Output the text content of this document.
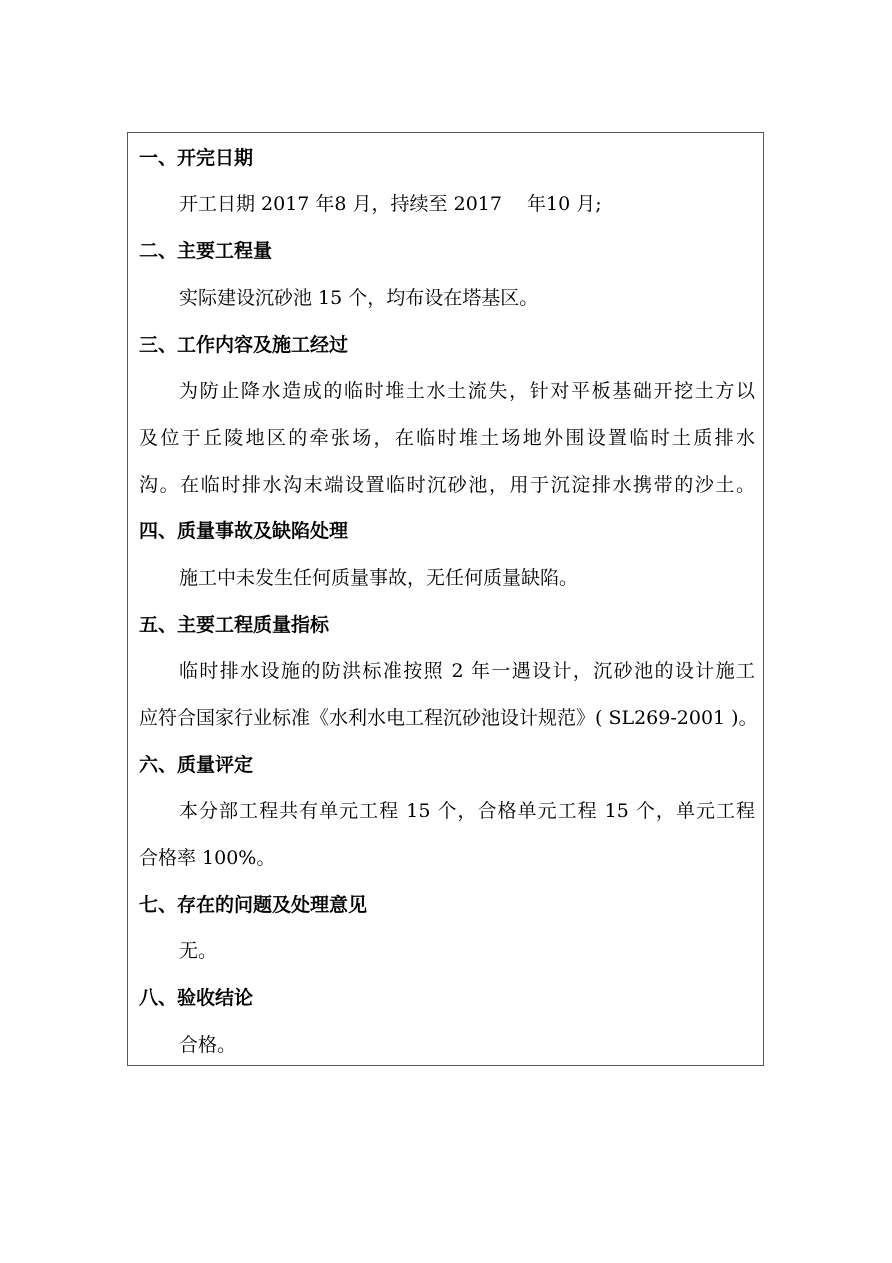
一、开完日期
开工日期 2017 年8 月，持续至 2017　 年10 月;
二、主要工程量
实际建设沉砂池 15 个，均布设在塔基区。
三、工作内容及施工经过
为防止降水造成的临时堆土水土流失，针对平板基础开挖土方以
及位于丘陵地区的牵张场，在临时堆土场地外围设置临时土质排水
沟。在临时排水沟末端设置临时沉砂池，用于沉淀排水携带的沙土。
四、质量事故及缺陷处理
施工中未发生任何质量事故，无任何质量缺陷。
五、主要工程质量指标
临时排水设施的防洪标准按照 2 年一遇设计，沉砂池的设计施工
应符合国家行业标准《水利水电工程沉砂池设计规范》( SL269-2001 )。
六、质量评定
本分部工程共有单元工程 15 个，合格单元工程 15 个，单元工程
合格率 100%。
七、存在的问题及处理意见
无。
八、验收结论
合格。
